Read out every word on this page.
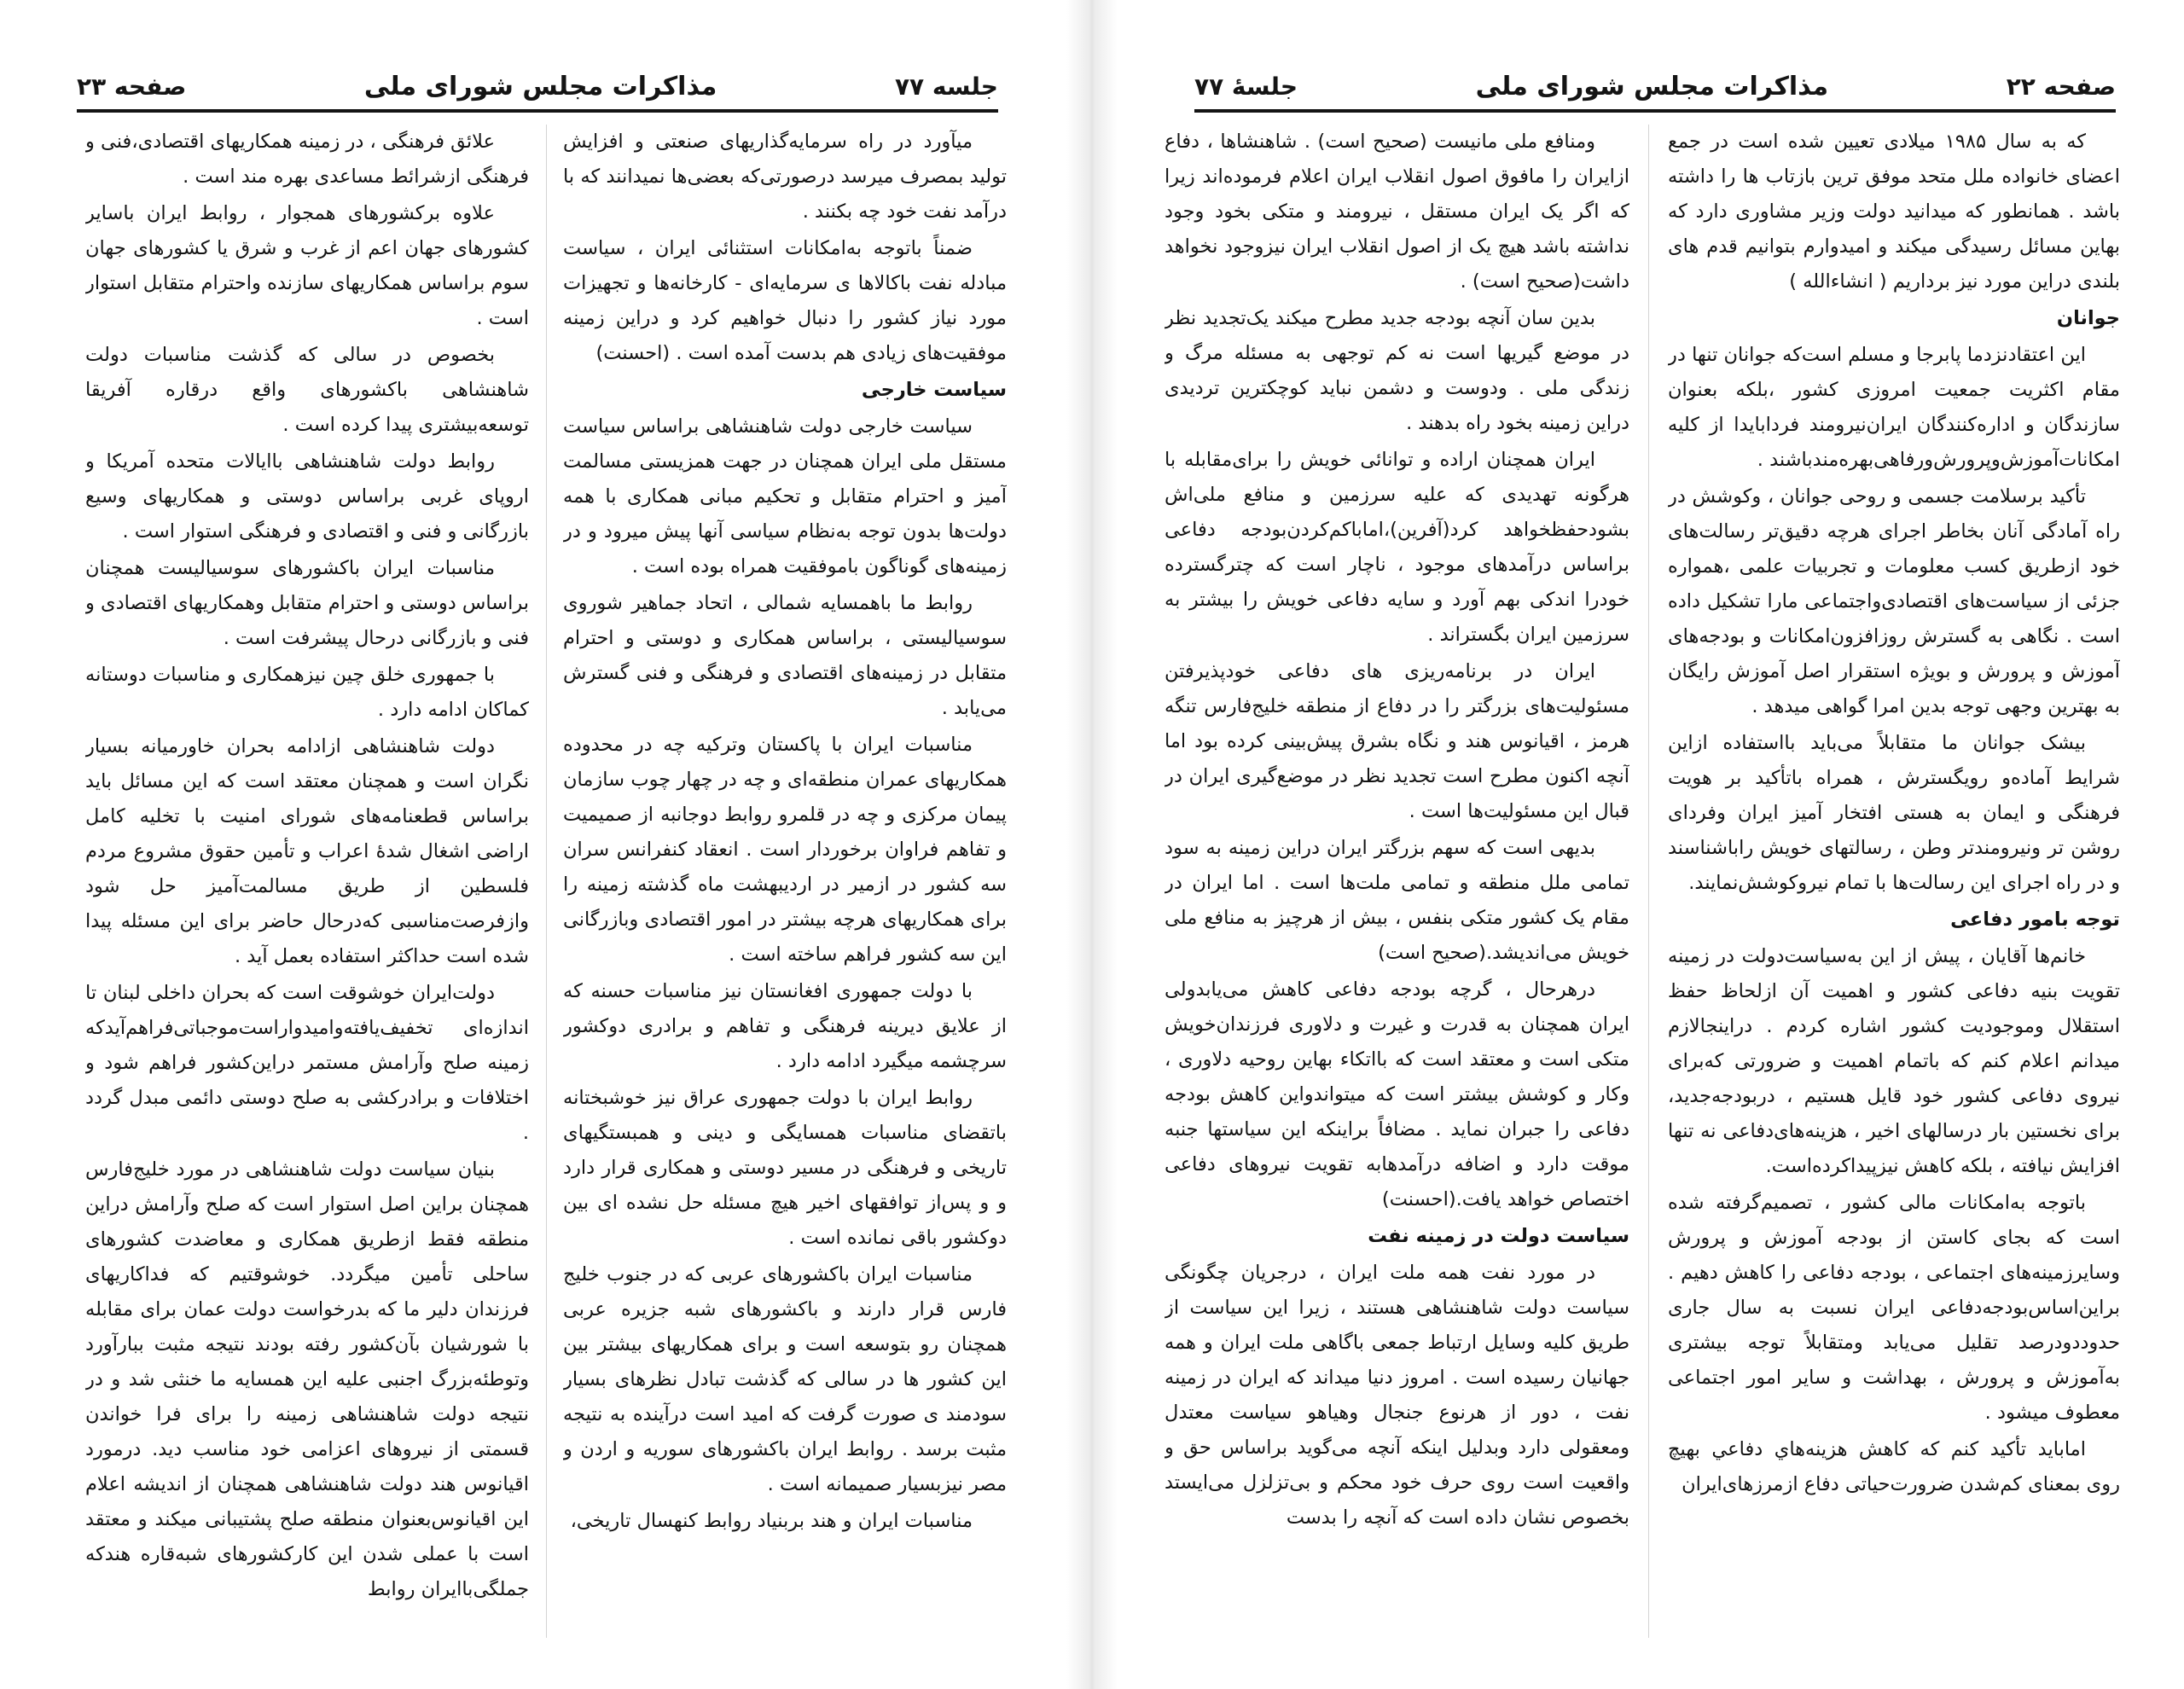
جلسه ۷۷
مذاکرات مجلس شورای ملی
صفحه ۲۳

میآورد در راه سرمایه‌گذاریهای صنعتی و افزایش تولید بمصرف میرسد درصورتی‌که بعضی‌ها نمیدانند که با درآمد نفت خود چه بکنند .

ضمناً باتوجه به‌امکانات استثنائی ایران ، سیاست مبادله نفت باکالاها ی سرمایه‌ای - کارخانه‌ها و تجهیزات مورد نیاز کشور را دنبال خواهیم کرد و دراین زمینه موفقیت‌های زیادی هم بدست آمده است . (احسنت)

سیاست خارجی

سیاست خارجی دولت شاهنشاهی براساس سیاست مستقل ملی ایران همچنان در جهت همزیستی مسالمت آمیز و احترام متقابل و تحکیم مبانی همکاری با همه دولت‌ها بدون توجه به‌نظام سیاسی آنها پیش میرود و در زمینه‌های گوناگون باموفقیت همراه بوده است .

روابط ما باهمسایه شمالی ، اتحاد جماهیر شوروی سوسیالیستی ، براساس همکاری و دوستی و احترام متقابل در زمینه‌های اقتصادی و فرهنگی و فنی گسترش می‌یابد .

مناسبات ایران با پاکستان وترکیه چه در محدوده همکاریهای عمران منطقه‌ای و چه در چهار چوب سازمان پیمان مرکزی و چه در قلمرو روابط دوجانبه از صمیمیت و تفاهم فراوان برخوردار است . انعقاد کنفرانس سران سه کشور در ازمیر در اردیبهشت ماه گذشته زمینه را برای همکاریهای هرچه بیشتر در امور اقتصادی وبازرگانی این سه کشور فراهم ساخته است .

با دولت جمهوری افغانستان نیز مناسبات حسنه که از علایق دیرینه فرهنگی و تفاهم و برادری دوکشور سرچشمه میگیرد ادامه دارد .

روابط ایران با دولت جمهوری عراق نیز خوشبختانه باتقضای مناسبات همسایگی و دینی و همبستگیهای تاریخی و فرهنگی در مسیر دوستی و همکاری قرار دارد و و پس‌از توافقهای اخیر هیچ مسئله حل نشده ای بین دوکشور باقی نمانده است .

مناسبات ایران باکشورهای عربی که در جنوب خلیج فارس قرار دارند و باکشورهای شبه جزیره عربی همچنان رو بتوسعه است و برای همکاریهای بیشتر بین این کشور ها در سالی که گذشت تبادل نظرهای بسیار سودمند ی صورت گرفت که امید است درآینده به نتیجه مثبت برسد . روابط ایران باکشورهای سوریه و اردن و مصر نیزبسیار صمیمانه است .

مناسبات ایران و هند بربنیاد روابط کنهسال تاریخی،

علائق فرهنگی ، در زمینه همکاریهای اقتصادی،فنی و فرهنگی ازشرائط مساعدی بهره مند است .

علاوه برکشورهای همجوار ، روابط ایران باسایر کشورهای جهان اعم از غرب و شرق یا کشورهای جهان سوم براساس همکاریهای سازنده واحترام متقابل استوار است .

بخصوص در سالی که گذشت مناسبات دولت شاهنشاهی باکشورهای واقع درقاره آفریقا توسعه‌بیشتری پیدا کرده است .

روابط دولت شاهنشاهی باایالات متحده آمریکا و اروپای غربی براساس دوستی و همکاریهای وسیع بازرگانی و فنی و اقتصادی و فرهنگی استوار است .

مناسبات ایران باکشورهای سوسیالیست همچنان براساس دوستی و احترام متقابل وهمکاریهای اقتصادی و فنی و بازرگانی درحال پیشرفت است .

با جمهوری خلق چین نیزهمکاری و مناسبات دوستانه کماکان ادامه دارد .

دولت شاهنشاهی ازادامه بحران خاورمیانه بسیار نگران است و همچنان معتقد است که این مسائل باید براساس قطعنامه‌های شورای امنیت با تخلیه کامل اراضی اشغال شدهٔ اعراب و تأمین حقوق مشروع مردم فلسطین از طریق مسالمت‌آمیز حل شود وازفرصت‌مناسبی که‌درحال حاضر برای این مسئله پیدا شده است حداکثر استفاده بعمل آید .

دولت‌ایران خوشوقت است که بحران داخلی لبنان تا اندازه‌ای تخفیف‌یافته‌وامیدواراست‌موجباتی‌فراهم‌آید‌که زمینه صلح وآرامش مستمر دراین‌کشور فراهم شود و اختلافات و برادرکشی به صلح دوستی دائمی مبدل گردد .

بنیان سیاست دولت شاهنشاهی در مورد خلیج‌فارس همچنان براین اصل استوار است که صلح وآرامش دراین منطقه فقط ازطریق همکاری و معاضدت کشورهای ساحلی تأمین میگردد. خوشوقتیم که فداکاریهای فرزندان دلیر ما که بدرخواست دولت عمان برای مقابله با شورشیان بآن‌کشور رفته بودند نتیجه مثبت ببارآورد وتوطئه‌بزرگ اجنبی علیه این همسایه ما خنثی شد و در نتیجه دولت شاهنشاهی زمینه را برای فرا خواندن قسمتی از نیروهای اعزامی خود مناسب دید. درمورد اقیانوس هند دولت شاهنشاهی همچنان از اندیشه اعلام این اقیانوس‌بعنوان منطقه صلح پشتیبانی میکند و معتقد است با عملی شدن این کارکشورهای شبه‌قاره هندکه جملگی‌باایران روابط

صفحه ۲۲
مذاکرات مجلس شورای ملی
جلسهٔ ۷۷

که به سال ۱۹۸۵ میلادی تعیین شده است در جمع اعضای خانواده ملل متحد موفق ترین بازتاب ها را داشته باشد . همانطور که میدانید دولت وزیر مشاوری دارد که بهاین مسائل رسیدگی میکند و امیدوارم بتوانیم قدم های بلندی دراین مورد نیز برداریم ( انشاءالله )

جوانان

این اعتقادنزدما پابرجا و مسلم است‌که جوانان تنها در مقام اکثریت جمعیت امروزی کشور ،بلکه بعنوان سازندگان و اداره‌کنندگان ایران‌نیرومند فردابایدا از کلیه امکانات‌آموزش‌وپرورش‌ورفاهی‌بهره‌مندباشند .

تأکید برسلامت جسمی و روحی جوانان ، وکوشش در راه آمادگی آنان بخاطر اجرای هرچه دقیق‌تر رسالت‌های خود ازطریق کسب معلومات و تجربیات علمی ،همواره جزئی از سیاست‌های اقتصادی‌واجتماعی مارا تشکیل داده است . نگاهی به گسترش روزافزون‌امکانات و بودجه‌های آموزش و پرورش و بویژه استقرار اصل آموزش رایگان به بهترین وجهی توجه بدین امرا گواهی میدهد .

بیشک جوانان ما متقابلاً می‌باید بااستفاده ازاین شرایط آماده‌و رویگسترش ، همراه باتأکید بر هویت فرهنگی و ایمان به هستی افتخار آمیز ایران وفردای روشن تر ونیرومندتر وطن ، رسالتهای خویش راباشناسند و در راه اجرای این رسالت‌ها با تمام نیروکوشش‌نمایند.

توجه بامور دفاعی

خانم‌ها آقایان ، پیش از این به‌سیاست‌دولت در زمینه تقویت بنیه دفاعی کشور و اهمیت آن ازلحاظ حفظ استقلال وموجودیت کشور اشاره کردم . دراینجالازم میدانم اعلام کنم که باتمام اهمیت و ضرورتی که‌برای نیروی دفاعی کشور خود قایل هستیم ، دربودجه‌جدید، برای نخستین بار درسالهای اخیر ، هزینه‌های‌دفاعی نه تنها افزایش نیافته ، بلکه کاهش نیزپیدا‌کرده‌است.

باتوجه به‌امکانات مالی کشور ، تصمیم‌گرفته شده است که بجای کاستن از بودجه آموزش و پرورش وسایرزمینه‌های اجتماعی ، بودجه دفاعی را کاهش دهیم . براین‌اساس‌بودجه‌دفاعی ایران نسبت به سال جاری حدوددودرصد تقلیل می‌یابد ومتقابلاً توجه بیشتری به‌آموزش و پرورش ، بهداشت و سایر امور اجتماعی معطوف میشود .

امابايد تأكيد كنم كه كاهش هزينه‌هاي دفاعي بهيچ روی بمعنای کم‌شدن ضرورت‌حیاتی دفاع ازمرزهای‌ایران

ومنافع ملی مانیست (صحیح است) . شاهنشاها ، دفاع ازایران را مافوق اصول انقلاب ایران اعلام فرموده‌اند زیرا که اگر یک ایران مستقل ، نیرومند و متکی بخود وجود نداشته باشد هیچ یک از اصول انقلاب ایران نیزوجود نخواهد داشت(صحیح است) .

بدین سان آنچه بودجه جدید مطرح میکند یک‌تجدید نظر در موضع گیریها است نه کم توجهی به مسئله مرگ و زندگی ملی . ودوست و دشمن نباید کوچکترین تردیدی دراین زمینه بخود راه بدهند .

ایران همچنان اراده و توانائی خویش را برای‌مقابله با هرگونه تهدیدی که علیه سرزمین و منافع ملی‌اش بشودحفظخواهد کرد(آفرین)،امابا‌کم‌کردن‌بودجه دفاعی براساس درآمدهای موجود ، ناچار است که چترگسترده خودرا اندکی بهم آورد و سایه دفاعی خویش را بیشتر به سرزمین ایران بگستراند .

ایران در برنامه‌ریزی های دفاعی خودپذیرفتن مسئولیت‌های بزرگتر را در دفاع از منطقه خلیج‌فارس تنگه هرمز ، اقیانوس هند و نگاه بشرق پیش‌بینی کرده بود اما آنچه اکنون مطرح است تجدید نظر در موضع‌گیری ایران در قبال این مسئولیت‌ها است .

بدیهی است که سهم بزرگتر ایران دراین زمینه به سود تمامی ملل منطقه و تمامی ملت‌ها است . اما ایران در مقام یک کشور متکی بنفس ، بیش از هرچیز به منافع ملی خویش می‌اندیشد.(صحیح است)

درهرحال ، گرچه بودجه دفاعی کاهش می‌یابدولی ایران همچنان به قدرت و غیرت و دلاوری فرزندان‌خویش متکی است و معتقد است که بااتکاء بهاین روحیه دلاوری ، وکار و کوشش بیشتر است که میتواندواین کاهش بودجه دفاعی را جبران نماید . مضافاً براینکه این سیاستها جنبه موقت دارد و اضافه درآمدها‌به تقویت نیروهای دفاعی اختصاص خواهد یافت.(احسنت)

سیاست دولت در زمینه نفت

در مورد نفت همه ملت ایران ، درجریان چگونگی سیاست دولت شاهنشاهی هستند ، زیرا این سیاست از طریق کلیه وسایل ارتباط جمعی باگاهی ملت ایران و همه جهانیان رسیده است . امروز دنیا میداند که ایران در زمینه نفت ، دور از هرنوع جنجال وهیاهو سیاست معتدل ومعقولی دارد وبدلیل اینکه آنچه می‌گوید براساس حق و واقعیت است روی حرف خود محکم و بی‌تزلزل می‌ایستد بخصوص نشان داده است که آنچه را بدست
